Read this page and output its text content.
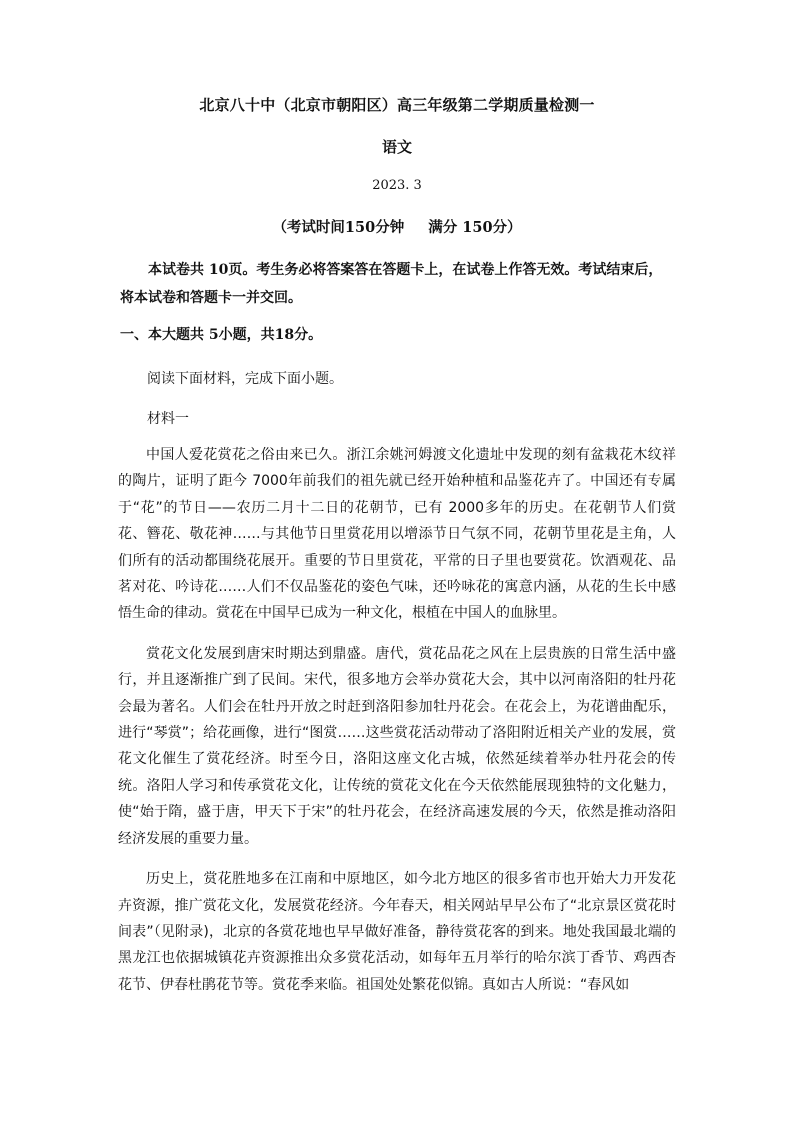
北京八十中（北京市朝阳区）高三年级第二学期质量检测一
语文
2023. 3
（考试时间150分钟 满分 150分）
本试卷共 10页。考生务必将答案答在答题卡上，在试卷上作答无效。考试结束后，将本试卷和答题卡一并交回。
一、本大题共 5小题，共18分。
阅读下面材料，完成下面小题。
材料一

中国人爱花赏花之俗由来已久。浙江余姚河姆渡文化遗址中发现的刻有盆栽花木纹祥的陶片，证明了距今 7000年前我们的祖先就已经开始种植和品鉴花卉了。中国还有专属于“花”的节日——农历二月十二日的花朝节，已有 2000多年的历史。在花朝节人们赏花、簪花、敬花神……与其他节日里赏花用以增添节日气氛不同，花朝节里花是主角，人们所有的活动都围绕花展开。重要的节日里赏花，平常的日子里也要赏花。饮酒观花、品茗对花、吟诗花……人们不仅品鉴花的姿色气味，还吟咏花的寓意内涵，从花的生长中感悟生命的律动。赏花在中国早已成为一种文化，根植在中国人的血脉里。

赏花文化发展到唐宋时期达到鼎盛。唐代，赏花品花之风在上层贵族的日常生活中盛行，并且逐渐推广到了民间。宋代，很多地方会举办赏花大会，其中以河南洛阳的牡丹花会最为著名。人们会在牡丹开放之时赶到洛阳参加牡丹花会。在花会上，为花谱曲配乐，进行“琴赏”；给花画像，进行“图赏……这些赏花活动带动了洛阳附近相关产业的发展，赏花文化催生了赏花经济。时至今日，洛阳这座文化古城，依然延续着举办牡丹花会的传统。洛阳人学习和传承赏花文化，让传统的赏花文化在今天依然能展现独特的文化魅力，使“始于隋，盛于唐，甲天下于宋”的牡丹花会，在经济高速发展的今天，依然是推动洛阳经济发展的重要力量。

历史上，赏花胜地多在江南和中原地区，如今北方地区的很多省市也开始大力开发花卉资源，推广赏花文化，发展赏花经济。今年春天，相关网站早早公布了“北京景区赏花时间表”（见附录)，北京的各赏花地也早早做好准备，静待赏花客的到来。地处我国最北端的黑龙江也依据城镇花卉资源推出众多赏花活动，如每年五月举行的哈尔滨丁香节、鸡西杏花节、伊春杜鹃花节等。赏花季来临。祖国处处繁花似锦。真如古人所说：“春风如
